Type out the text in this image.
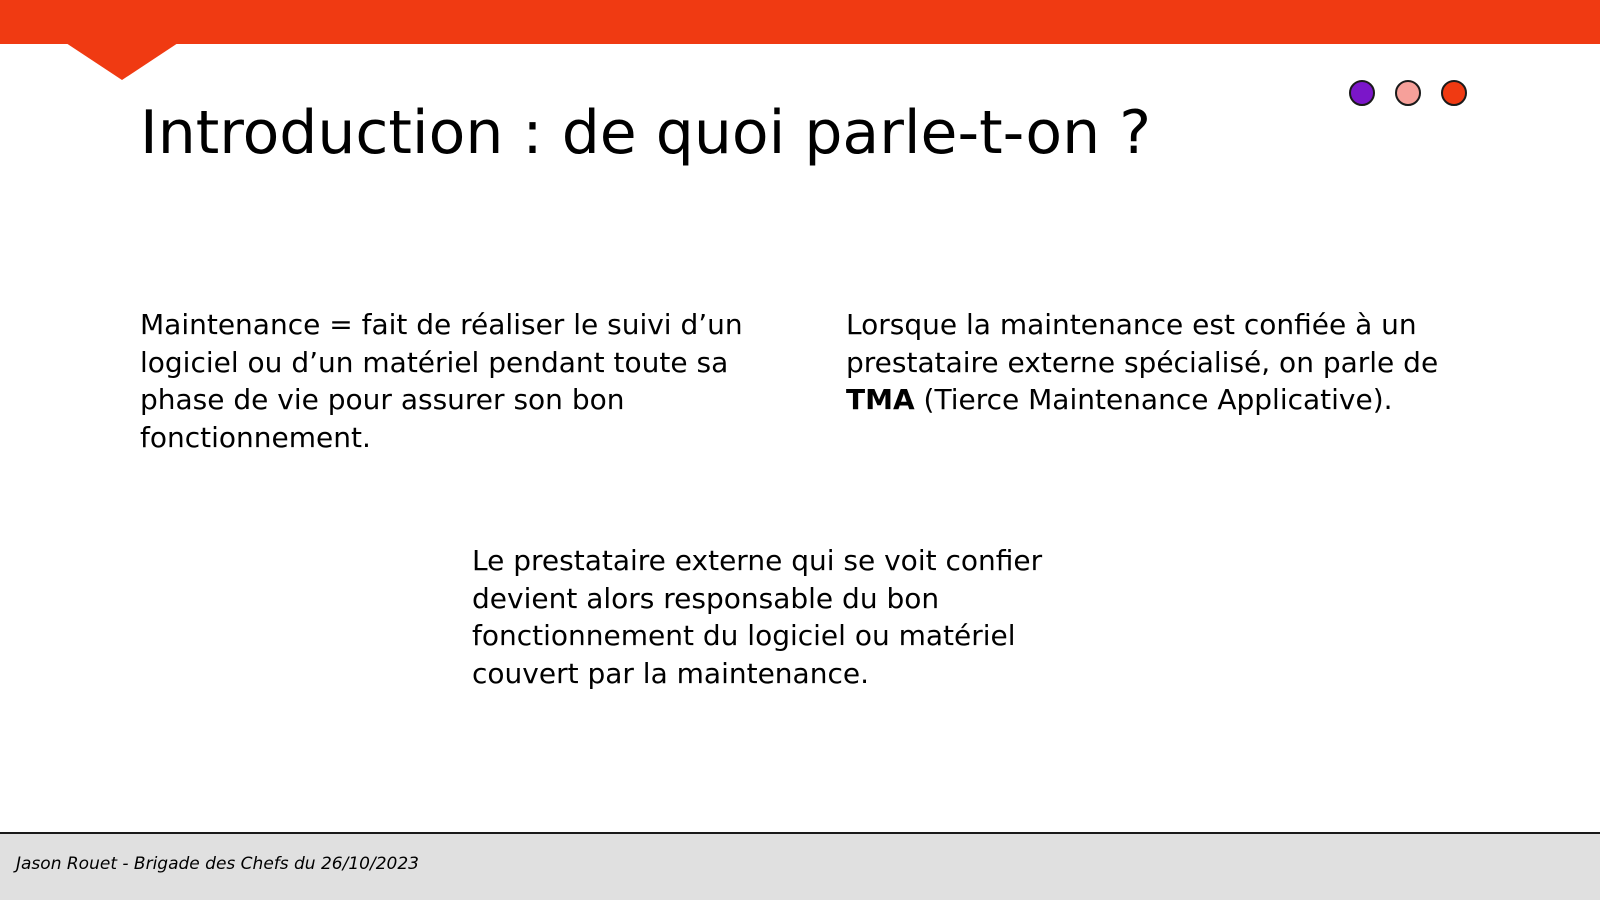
Introduction : de quoi parle-t-on ?

Maintenance = fait de réaliser le suivi d’un logiciel ou d’un matériel pendant toute sa phase de vie pour assurer son bon fonctionnement.

Lorsque la maintenance est confiée à un prestataire externe spécialisé, on parle de TMA (Tierce Maintenance Applicative).

Le prestataire externe qui se voit confier devient alors responsable du bon fonctionnement du logiciel ou matériel couvert par la maintenance.

Jason Rouet - Brigade des Chefs du 26/10/2023
